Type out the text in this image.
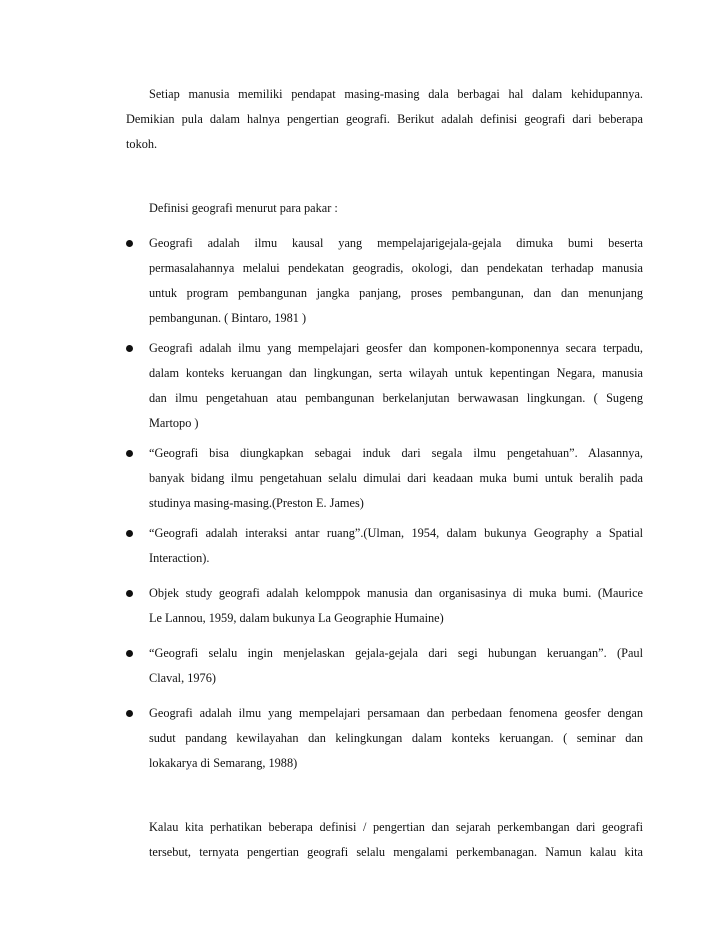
Setiap manusia memiliki pendapat masing-masing dala berbagai hal dalam kehidupannya.
Demikian pula dalam halnya pengertian geografi. Berikut adalah definisi geografi dari beberapa
tokoh.
Definisi geografi menurut para pakar :
Geografi adalah ilmu kausal yang mempelajarigejala-gejala dimuka bumi beserta
permasalahannya melalui pendekatan geogradis, okologi, dan pendekatan terhadap manusia
untuk program pembangunan jangka panjang, proses pembangunan, dan dan menunjang
pembangunan. ( Bintaro, 1981 )
Geografi adalah ilmu yang mempelajari geosfer dan komponen-komponennya secara terpadu,
dalam konteks keruangan dan lingkungan, serta wilayah untuk kepentingan Negara, manusia
dan ilmu pengetahuan atau pembangunan berkelanjutan berwawasan lingkungan. ( Sugeng
Martopo )
“Geografi bisa diungkapkan sebagai induk dari segala ilmu pengetahuan”. Alasannya,
banyak bidang ilmu pengetahuan selalu dimulai dari keadaan muka bumi untuk beralih pada
studinya masing-masing.(Preston E. James)
“Geografi adalah interaksi antar ruang”.(Ulman, 1954, dalam bukunya Geography a Spatial
Interaction).
Objek study geografi adalah kelomppok manusia dan organisasinya di muka bumi. (Maurice
Le Lannou, 1959, dalam bukunya La Geographie Humaine)
“Geografi selalu ingin menjelaskan gejala-gejala dari segi hubungan keruangan”. (Paul
Claval, 1976)
Geografi adalah ilmu yang mempelajari persamaan dan perbedaan fenomena geosfer dengan
sudut pandang kewilayahan dan kelingkungan dalam konteks keruangan. ( seminar dan
lokakarya di Semarang, 1988)
Kalau kita perhatikan beberapa definisi / pengertian dan sejarah perkembangan dari geografi
tersebut, ternyata pengertian geografi selalu mengalami perkembanagan. Namun kalau kita
